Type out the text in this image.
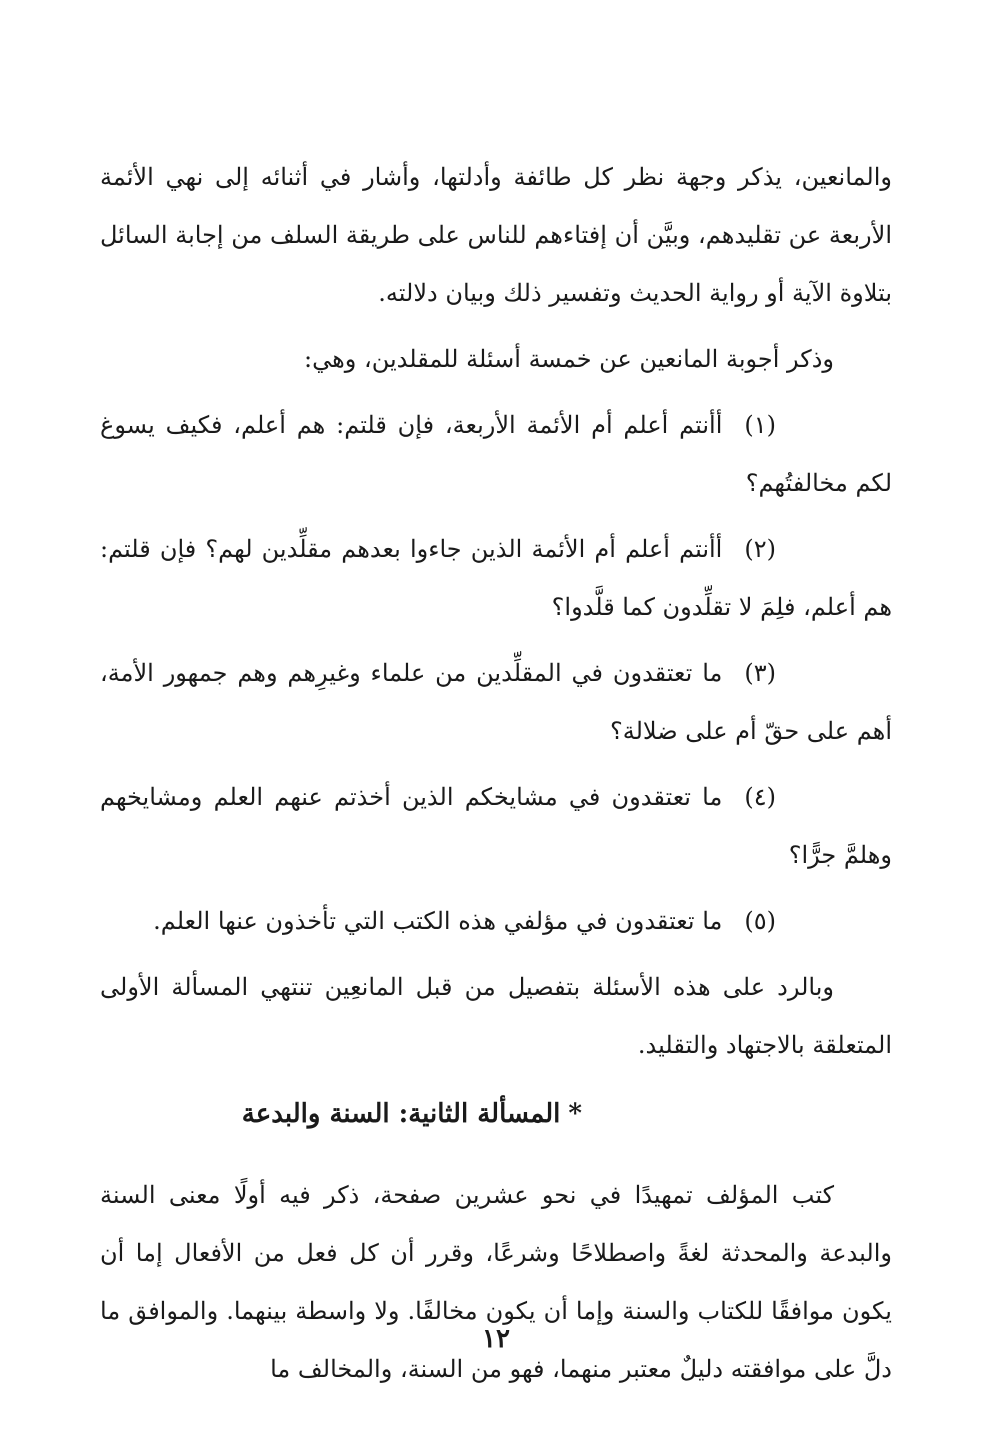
والمانعين، يذكر وجهة نظر كل طائفة وأدلتها، وأشار في أثنائه إلى نهي الأئمة الأربعة عن تقليدهم، وبيَّن أن إفتاءهم للناس على طريقة السلف من إجابة السائل بتلاوة الآية أو رواية الحديث وتفسير ذلك وبيان دلالته.

وذكر أجوبة المانعين عن خمسة أسئلة للمقلدين، وهي:

(١)أأنتم أعلم أم الأئمة الأربعة، فإن قلتم: هم أعلم، فكيف يسوغ لكم مخالفتُهم؟

(٢)أأنتم أعلم أم الأئمة الذين جاءوا بعدهم مقلِّدين لهم؟ فإن قلتم: هم أعلم، فلِمَ لا تقلِّدون كما قلَّدوا؟

(٣)ما تعتقدون في المقلِّدين من علماء وغيرِهم وهم جمهور الأمة، أهم على حقّ أم على ضلالة؟

(٤)ما تعتقدون في مشايخكم الذين أخذتم عنهم العلم ومشايخهم وهلمَّ جرًّا؟

(٥)ما تعتقدون في مؤلفي هذه الكتب التي تأخذون عنها العلم.

وبالرد على هذه الأسئلة بتفصيل من قبل المانعِين تنتهي المسألة الأولى المتعلقة بالاجتهاد والتقليد.

*المسألة الثانية: السنة والبدعة

كتب المؤلف تمهيدًا في نحو عشرين صفحة، ذكر فيه أولًا معنى السنة والبدعة والمحدثة لغةً واصطلاحًا وشرعًا، وقرر أن كل فعل من الأفعال إما أن يكون موافقًا للكتاب والسنة وإما أن يكون مخالفًا. ولا واسطة بينهما. والموافق ما دلَّ على موافقته دليلٌ معتبر منهما، فهو من السنة، والمخالف ما

١٢
